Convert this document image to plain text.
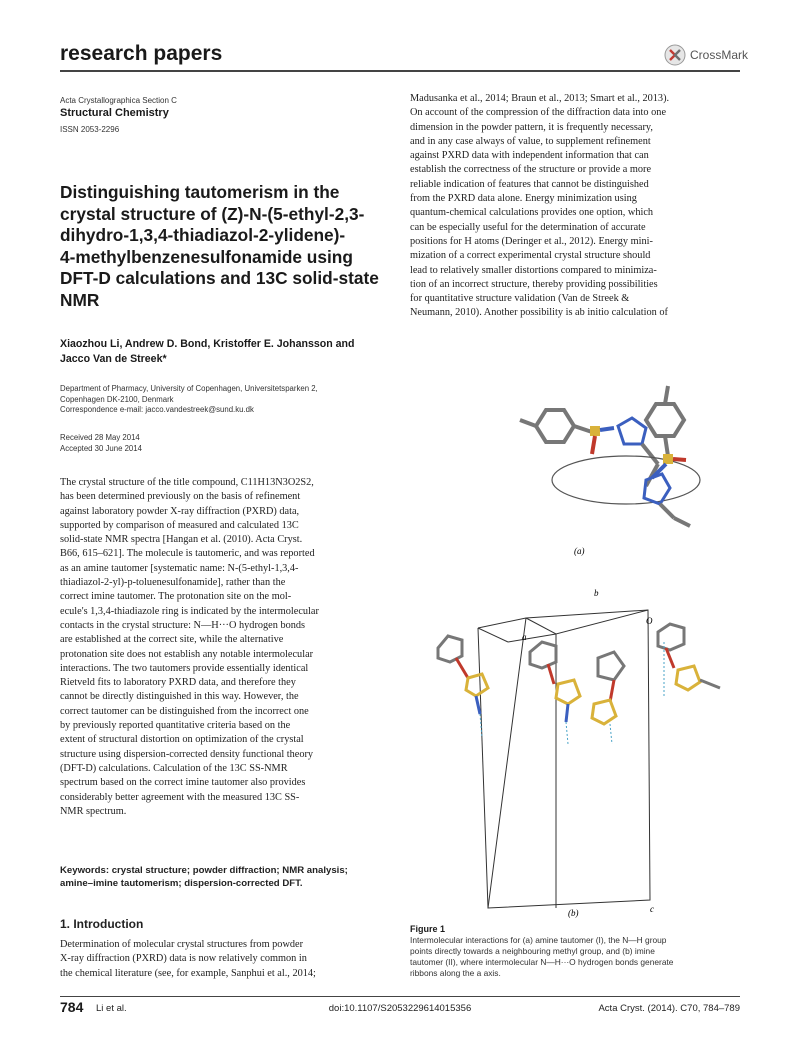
research papers	CrossMark
Acta Crystallographica Section C
Structural Chemistry
ISSN 2053-2296
Distinguishing tautomerism in the
crystal structure of (Z)-N-(5-ethyl-2,3-
dihydro-1,3,4-thiadiazol-2-ylidene)-
4-methylbenzenesulfonamide using
DFT-D calculations and 13C solid-state
NMR
Xiaozhou Li, Andrew D. Bond, Kristoffer E. Johansson and
Jacco Van de Streek*
Department of Pharmacy, University of Copenhagen, Universitetsparken 2,
Copenhagen DK-2100, Denmark
Correspondence e-mail: jacco.vandestreek@sund.ku.dk
Received 28 May 2014
Accepted 30 June 2014
The crystal structure of the title compound, C11H13N3O2S2,
has been determined previously on the basis of refinement
against laboratory powder X-ray diffraction (PXRD) data,
supported by comparison of measured and calculated 13C
solid-state NMR spectra [Hangan et al. (2010). Acta Cryst.
B66, 615–621]. The molecule is tautomeric, and was reported
as an amine tautomer [systematic name: N-(5-ethyl-1,3,4-
thiadiazol-2-yl)-p-toluenesulfonamide], rather than the
correct imine tautomer. The protonation site on the mol-
ecule's 1,3,4-thiadiazole ring is indicated by the intermolecular
contacts in the crystal structure: N—H···O hydrogen bonds
are established at the correct site, while the alternative
protonation site does not establish any notable intermolecular
interactions. The two tautomers provide essentially identical
Rietveld fits to laboratory PXRD data, and therefore they
cannot be directly distinguished in this way. However, the
correct tautomer can be distinguished from the incorrect one
by previously reported quantitative criteria based on the
extent of structural distortion on optimization of the crystal
structure using dispersion-corrected density functional theory
(DFT-D) calculations. Calculation of the 13C SS-NMR
spectrum based on the correct imine tautomer also provides
considerably better agreement with the measured 13C SS-
NMR spectrum.
Keywords: crystal structure; powder diffraction; NMR analysis;
amine–imine tautomerism; dispersion-corrected DFT.
1. Introduction
Determination of molecular crystal structures from powder
X-ray diffraction (PXRD) data is now relatively common in
the chemical literature (see, for example, Sanphui et al., 2014;
Madusanka et al., 2014; Braun et al., 2013; Smart et al., 2013).
On account of the compression of the diffraction data into one
dimension in the powder pattern, it is frequently necessary,
and in any case always of value, to supplement refinement
against PXRD data with independent information that can
establish the correctness of the structure or provide a more
reliable indication of features that cannot be distinguished
from the PXRD data alone. Energy minimization using
quantum-chemical calculations provides one option, which
can be especially useful for the determination of accurate
positions for H atoms (Deringer et al., 2012). Energy mini-
mization of a correct experimental crystal structure should
lead to relatively smaller distortions compared to minimiza-
tion of an incorrect structure, thereby providing possibilities
for quantitative structure validation (Van de Streek &
Neumann, 2010). Another possibility is ab initio calculation of
(a)
b
a
O
c
(b)
Figure 1
Intermolecular interactions for (a) amine tautomer (I), the N—H group
points directly towards a neighbouring methyl group, and (b) imine
tautomer (II), where intermolecular N—H···O hydrogen bonds generate
ribbons along the a axis.
784 Li et al.	doi:10.1107/S2053229614015356	Acta Cryst. (2014). C70, 784–789
